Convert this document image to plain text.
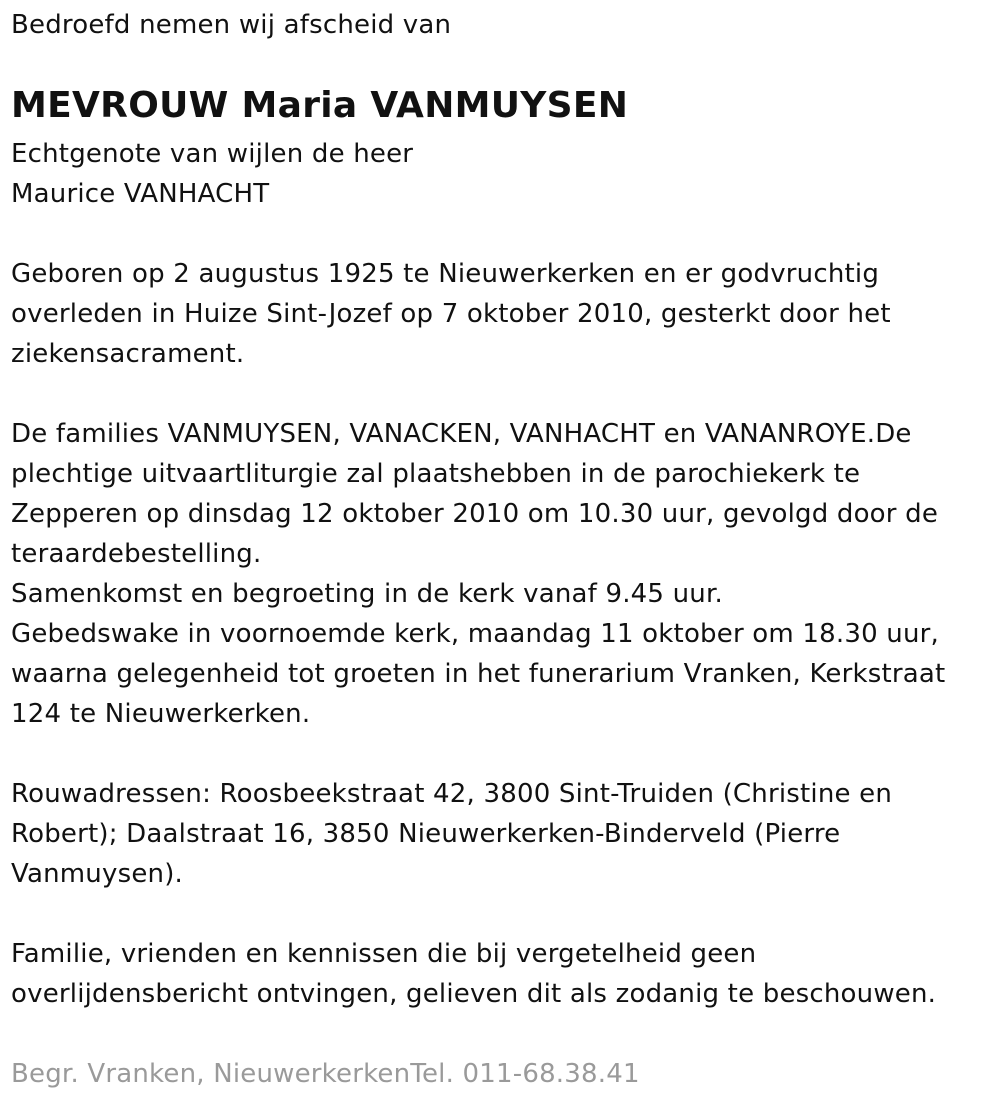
Bedroefd nemen wij afscheid van
MEVROUW Maria VANMUYSEN
Echtgenote van wijlen de heer
Maurice VANHACHT
Geboren op 2 augustus 1925 te Nieuwerkerken en er godvruchtig
overleden in Huize Sint-Jozef op 7 oktober 2010, gesterkt door het
ziekensacrament.
De families VANMUYSEN, VANACKEN, VANHACHT en VANANROYE.De
plechtige uitvaartliturgie zal plaatshebben in de parochiekerk te
Zepperen op dinsdag 12 oktober 2010 om 10.30 uur, gevolgd door de
teraardebestelling.
Samenkomst en begroeting in de kerk vanaf 9.45 uur.
Gebedswake in voornoemde kerk, maandag 11 oktober om 18.30 uur,
waarna gelegenheid tot groeten in het funerarium Vranken, Kerkstraat
124 te Nieuwerkerken.
Rouwadressen: Roosbeekstraat 42, 3800 Sint-Truiden (Christine en
Robert); Daalstraat 16, 3850 Nieuwerkerken-Binderveld (Pierre
Vanmuysen).
Familie, vrienden en kennissen die bij vergetelheid geen
overlijdensbericht ontvingen, gelieven dit als zodanig te beschouwen.
Begr. Vranken, NieuwerkerkenTel. 011-68.38.41
